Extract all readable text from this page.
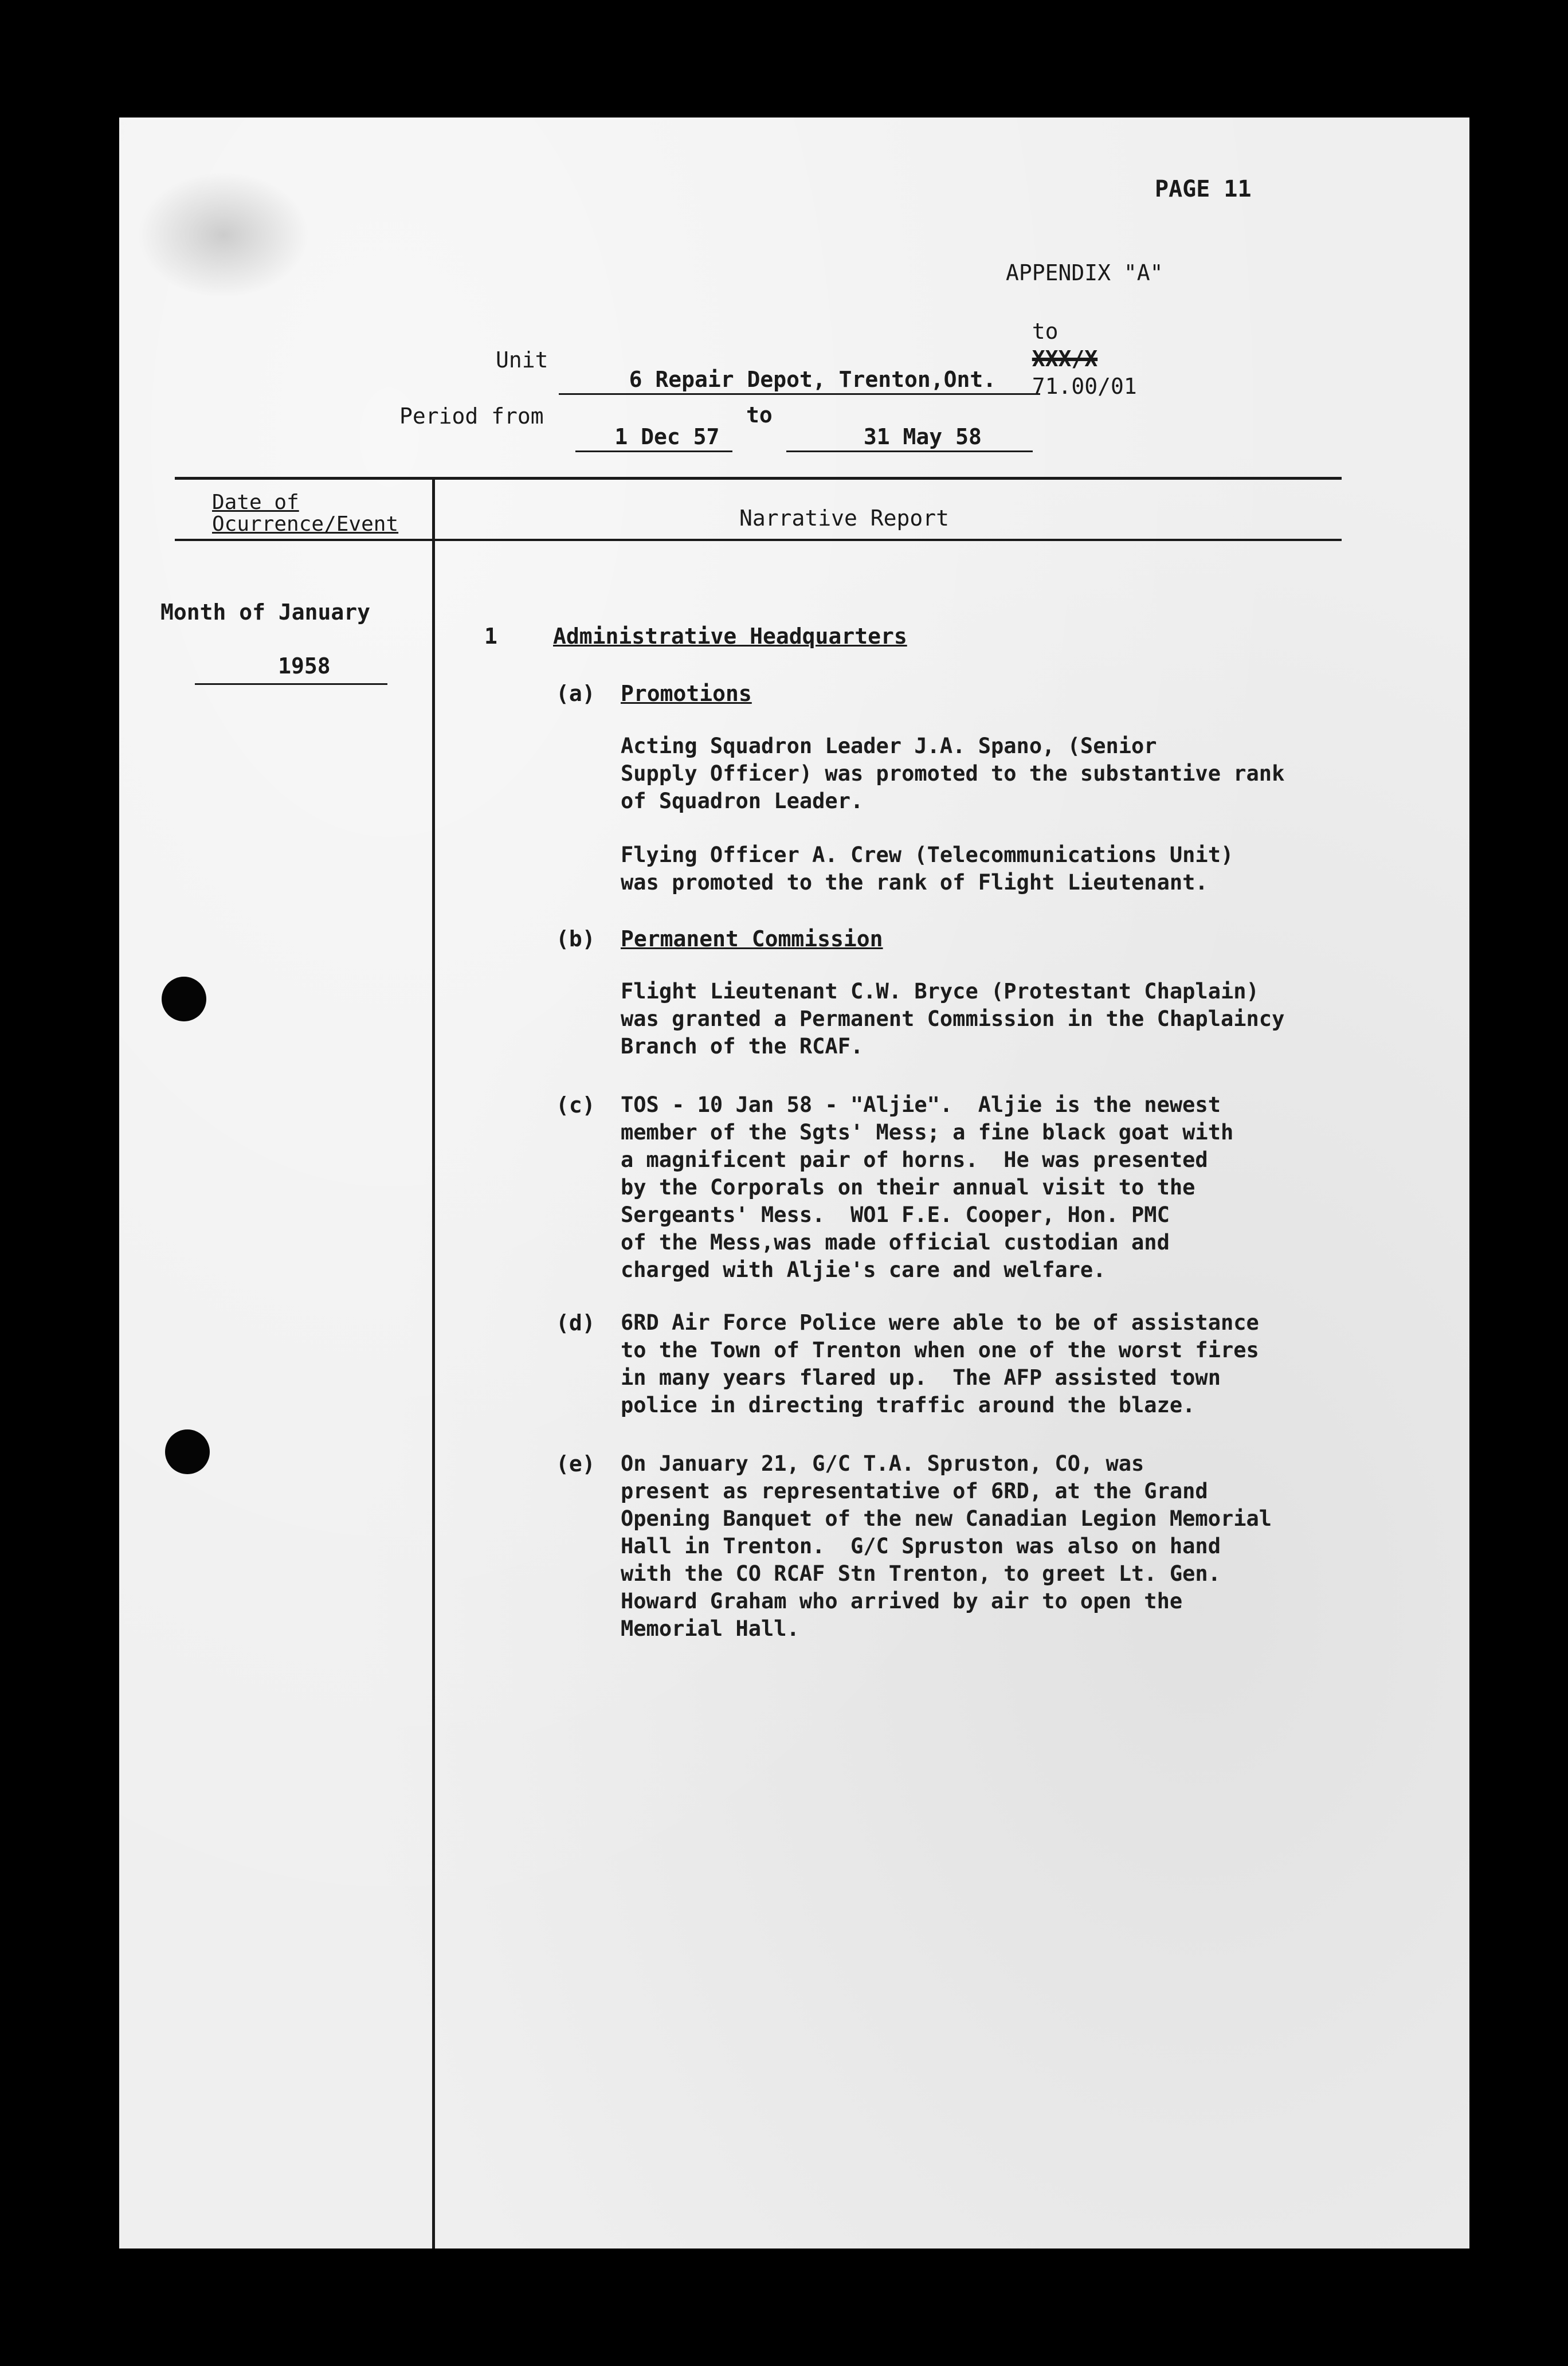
PAGE 11
APPENDIX "A"

to
XXX/X
71.00/01

Unit

6 Repair Depot, Trenton,Ont.

Period from

1 Dec 57

to

31 May 58

Date of
Ocurrence/Event	Narrative Report
Month of January

1958

1	Administrative Headquarters
(a) Promotions
Acting Squadron Leader J.A. Spano, (Senior
Supply Officer) was promoted to the substantive rank
of Squadron Leader.
Flying Officer A. Crew (Telecommunications Unit)
was promoted to the rank of Flight Lieutenant.
(b) Permanent Commission
Flight Lieutenant C.W. Bryce (Protestant Chaplain)
was granted a Permanent Commission in the Chaplaincy
Branch of the RCAF.
(c) TOS - 10 Jan 58 - "Aljie".  Aljie is the newest
member of the Sgts' Mess; a fine black goat with
a magnificent pair of horns.  He was presented
by the Corporals on their annual visit to the
Sergeants' Mess.  WO1 F.E. Cooper, Hon. PMC
of the Mess,was made official custodian and
charged with Aljie's care and welfare.
(d) 6RD Air Force Police were able to be of assistance
to the Town of Trenton when one of the worst fires
in many years flared up.  The AFP assisted town
police in directing traffic around the blaze.
(e) On January 21, G/C T.A. Spruston, CO, was
present as representative of 6RD, at the Grand
Opening Banquet of the new Canadian Legion Memorial
Hall in Trenton.  G/C Spruston was also on hand
with the CO RCAF Stn Trenton, to greet Lt. Gen.
Howard Graham who arrived by air to open the
Memorial Hall.
